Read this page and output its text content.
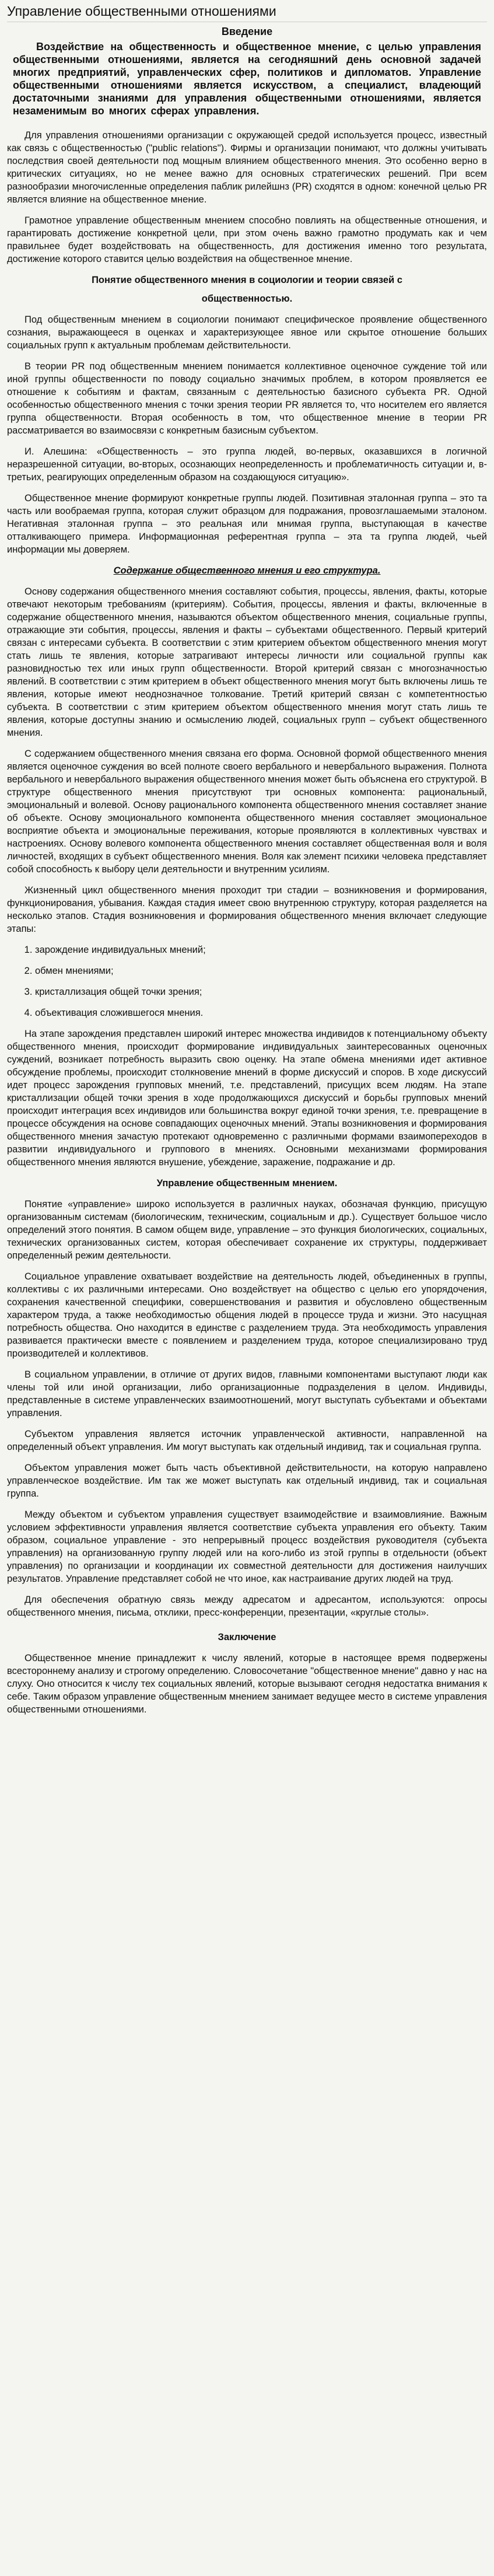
Управление общественными отношениями
Введение

Воздействие на общественность и общественное мнение, с целью управления общественными отношениями, является на сегодняшний день основной задачей многих предприятий, управленческих сфер, политиков и дипломатов. Управление общественными отношениями является искусством, а специалист, владеющий достаточными знаниями для управления общественными отношениями, является незаменимым во многих сферах управления.

Для управления отношениями организации с окружающей средой используется процесс, известный как связь с общественностью ("public relations"). Фирмы и организации понимают, что должны учитывать последствия своей деятельности под мощным влиянием общественного мнения. Это особенно верно в критических ситуациях, но не менее важно для основных стратегических решений. При всем разнообразии многочисленные определения паблик рилейшнз (PR) сходятся в одном: конечной целью PR является влияние на общественное мнение.

Грамотное управление общественным мнением способно повлиять на общественные отношения, и гарантировать достижение конкретной цели, при этом очень важно грамотно продумать как и чем правильнее будет воздействовать на общественность, для достижения именно того результата, достижение которого ставится целью воздействия на общественное мнение.

Понятие общественного мнения в социологии и теории связей с
общественностью.

Под общественным мнением в социологии понимают специфическое проявление общественного сознания, выражающееся в оценках и характеризующее явное или скрытое отношение больших социальных групп к актуальным проблемам действительности.

В теории PR под общественным мнением понимается коллективное оценочное суждение той или иной группы общественности по поводу социально значимых проблем, в котором проявляется ее отношение к событиям и фактам, связанным с деятельностью базисного субъекта PR. Одной особенностью общественного мнения с точки зрения теории PR является то, что носителем его является группа общественности. Вторая особенность в том, что общественное мнение в теории PR рассматривается во взаимосвязи с конкретным базисным субъектом.

И. Алешина: «Общественность – это группа людей, во-первых, оказавшихся в логичной неразрешенной ситуации, во-вторых, осознающих неопределенность и проблематичность ситуации и, в-третьих, реагирующих определенным образом на создающуюся ситуацию».

Общественное мнение формируют конкретные группы людей. Позитивная эталонная группа – это та часть или вообраемая группа, которая служит образцом для подражания, провозглашаемыми эталоном. Негативная эталонная группа – это реальная или мнимая группа, выступающая в качестве отталкивающего примера. Информационная референтная группа – эта та группа людей, чьей информации мы доверяем.

Содержание общественного мнения и его структура.

Основу содержания общественного мнения составляют события, процессы, явления, факты, которые отвечают некоторым требованиям (критериям). События, процессы, явления и факты, включенные в содержание общественного мнения, называются объектом общественного мнения, социальные группы, отражающие эти события, процессы, явления и факты – субъектами общественного. Первый критерий связан с интересами субъекта. В соответствии с этим критерием объектом общественного мнения могут стать лишь те явления, которые затрагивают интересы личности или социальной группы как разновидностью тех или иных групп общественности. Второй критерий связан с многозначностью явлений. В соответствии с этим критерием в объект общественного мнения могут быть включены лишь те явления, которые имеют неоднозначное толкование. Третий критерий связан с компетентностью субъекта. В соответствии с этим критерием объектом общественного мнения могут стать лишь те явления, которые доступны знанию и осмыслению людей, социальных групп – субъект общественного мнения.

С содержанием общественного мнения связана его форма. Основной формой общественного мнения является оценочное суждения во всей полноте своего вербального и невербального выражения. Полнота вербального и невербального выражения общественного мнения может быть объяснена его структурой. В структуре общественного мнения присутствуют три основных компонента: рациональный, эмоциональный и волевой. Основу рационального компонента общественного мнения составляет знание об объекте. Основу эмоционального компонента общественного мнения составляет эмоциональное восприятие объекта и эмоциональные переживания, которые проявляются в коллективных чувствах и настроениях. Основу волевого компонента общественного мнения составляет общественная воля и воля личностей, входящих в субъект общественного мнения. Воля как элемент психики человека представляет собой способность к выбору цели деятельности и внутренним усилиям.

Жизненный цикл общественного мнения проходит три стадии – возникновения и формирования, функционирования, убывания. Каждая стадия имеет свою внутреннюю структуру, которая разделяется на несколько этапов. Стадия возникновения и формирования общественного мнения включает следующие этапы:

1. зарождение индивидуальных мнений;
2. обмен мнениями;
3. кристаллизация общей точки зрения;
4. объективация сложившегося мнения.

На этапе зарождения представлен широкий интерес множества индивидов к потенциальному объекту общественного мнения, происходит формирование индивидуальных заинтересованных оценочных суждений, возникает потребность выразить свою оценку. На этапе обмена мнениями идет активное обсуждение проблемы, происходит столкновение мнений в форме дискуссий и споров. В ходе дискуссий идет процесс зарождения групповых мнений, т.е. представлений, присущих всем людям. На этапе кристаллизации общей точки зрения в ходе продолжающихся дискуссий и борьбы групповых мнений происходит интеграция всех индивидов или большинства вокруг единой точки зрения, т.е. превращение в процессе обсуждения на основе совпадающих оценочных мнений. Этапы возникновения и формирования общественного мнения зачастую протекают одновременно с различными формами взаимопереходов в развитии индивидуального и группового в мнениях. Основными механизмами формирования общественного мнения являются внушение, убеждение, заражение, подражание и др.

Управление общественным мнением.

Понятие «управление» широко используется в различных науках, обозначая функцию, присущую организованным системам (биологическим, техническим, социальным и др.). Существует большое число определений этого понятия. В самом общем виде, управление – это функция биологических, социальных, технических организованных систем, которая обеспечивает сохранение их структуры, поддерживает определенный режим деятельности.

Социальное управление охватывает воздействие на деятельность людей, объединенных в группы, коллективы с их различными интересами. Оно воздействует на общество с целью его упорядочения, сохранения качественной специфики, совершенствования и развития и обусловлено общественным характером труда, а также необходимостью общения людей в процессе труда и жизни. Это насущная потребность общества. Оно находится в единстве с разделением труда. Эта необходимость управления развивается практически вместе с появлением и разделением труда, которое специализировано труд производителей и коллективов.

В социальном управлении, в отличие от других видов, главными компонентами выступают люди как члены той или иной организации, либо организационные подразделения в целом. Индивиды, представленные в системе управленческих взаимоотношений, могут выступать субъектами и объектами управления.

Субъектом управления является источник управленческой активности, направленной на определенный объект управления. Им могут выступать как отдельный индивид, так и социальная группа.

Объектом управления может быть часть объективной действительности, на которую направлено управленческое воздействие. Им так же может выступать как отдельный индивид, так и социальная группа.

Между объектом и субъектом управления существует взаимодействие и взаимовлияние. Важным условием эффективности управления является соответствие субъекта управления его объекту. Таким образом, социальное управление - это непрерывный процесс воздействия руководителя (субъекта управления) на организованную группу людей или на кого-либо из этой группы в отдельности (объект управления) по организации и координации их совместной деятельности для достижения наилучших результатов. Управление представляет собой не что иное, как настраивание других людей на труд.

Для обеспечения обратную связь между адресатом и адресантом, используются: опросы общественного мнения, письма, отклики, пресс-конференции, презентации, «круглые столы».

Заключение

Общественное мнение принадлежит к числу явлений, которые в настоящее время подвержены всестороннему анализу и строгому определению. Словосочетание "общественное мнение" давно у нас на слуху. Оно относится к числу тех социальных явлений, которые вызывают сегодня недостатка внимания к себе. Таким образом управление общественным мнением занимает ведущее место в системе управления общественными отношениями.
